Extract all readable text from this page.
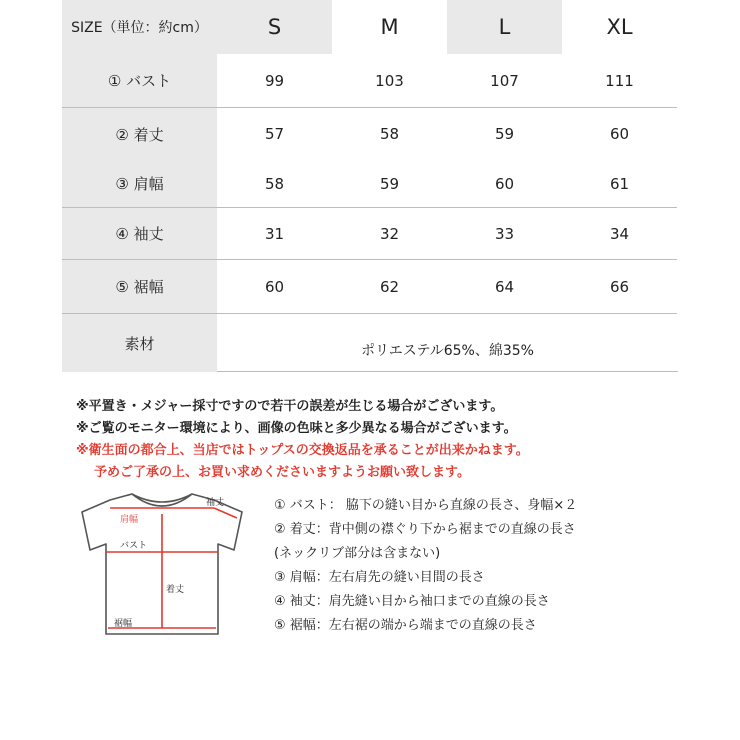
SIZE（単位：約cm）	S	M	L	XL
① バスト	99	103	107	111
② 着丈	57	58	59	60
③ 肩幅	58	59	60	61
④ 袖丈	31	32	33	34
⑤ 裾幅	60	62	64	66
素材	ポリエステル65%、綿35%
※平置き・メジャー採寸ですので若干の誤差が生じる場合がございます。
※ご覧のモニター環境により、画像の色味と多少異なる場合がございます。
※衛生面の都合上、当店ではトップスの交換返品を承ることが出来かねます。
予めご了承の上、お買い求めくださいますようお願い致します。
袖丈
肩幅
バスト
着丈
裾幅
① バスト： 脇下の縫い目から直線の長さ、身幅×２
② 着丈：背中側の襟ぐり下から裾までの直線の長さ
(ネックリブ部分は含まない)
③ 肩幅：左右肩先の縫い目間の長さ
④ 袖丈：肩先縫い目から袖口までの直線の長さ
⑤ 裾幅：左右裾の端から端までの直線の長さ
